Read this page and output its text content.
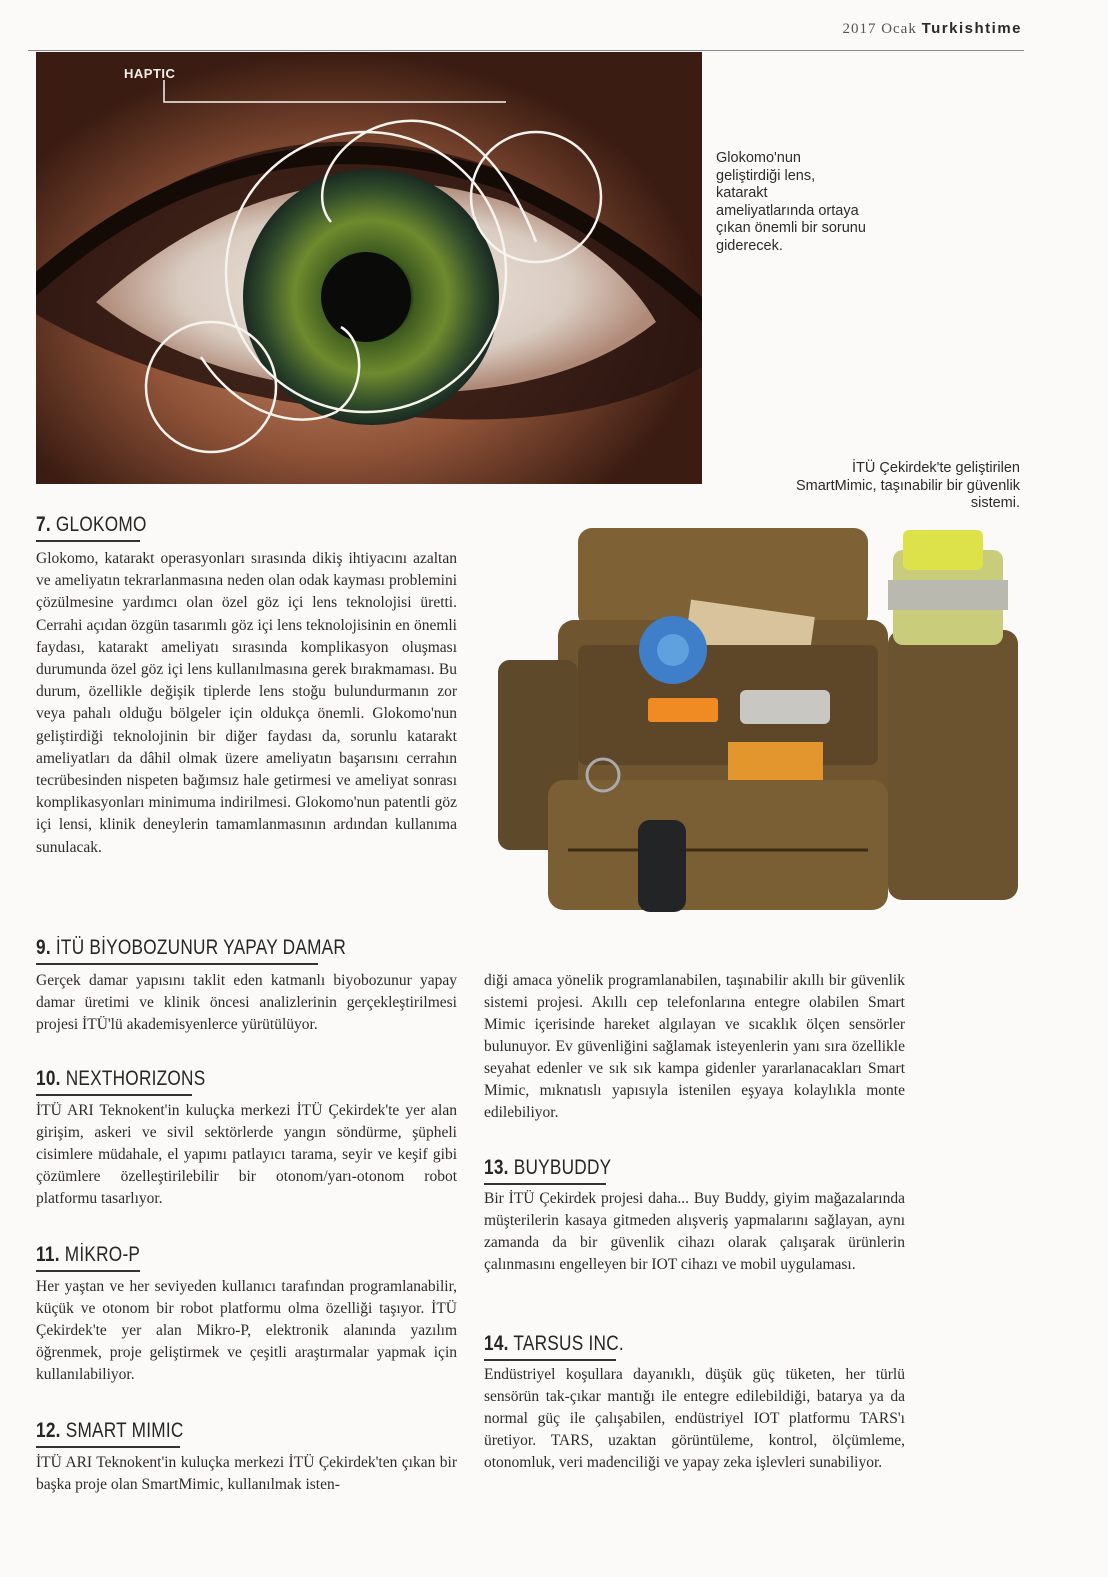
2017 Ocak Turkishtime
HAPTIC
Glokomo'nun geliştirdiği lens, katarakt ameliyatlarında ortaya çıkan önemli bir sorunu giderecek.
İTÜ Çekirdek'te geliştirilen SmartMimic, taşınabilir bir güvenlik sistemi.
7. GLOKOMO

Glokomo, katarakt operasyonları sırasında dikiş ihtiyacını azaltan ve ameliyatın tekrarlanmasına neden olan odak kayması problemini çözülmesine yardımcı olan özel göz içi lens teknolojisi üretti. Cerrahi açıdan özgün tasarımlı göz içi lens teknolojisinin en önemli faydası, katarakt ameliyatı sırasında komplikasyon oluşması durumunda özel göz içi lens kullanılmasına gerek bırakmaması. Bu durum, özellikle değişik tiplerde lens stoğu bulundurmanın zor veya pahalı olduğu bölgeler için oldukça önemli. Glokomo'nun geliştirdiği teknolojinin bir diğer faydası da, sorunlu katarakt ameliyatları da dâhil olmak üzere ameliyatın başarısını cerrahın tecrübesinden nispeten bağımsız hale getirmesi ve ameliyat sonrası komplikasyonları minimuma indirilmesi. Glokomo'nun patentli göz içi lensi, klinik deneylerin tamamlanmasının ardından kullanıma sunulacak.

9. İTÜ BİYOBOZUNUR YAPAY DAMAR

Gerçek damar yapısını taklit eden katmanlı biyobozunur yapay damar üretimi ve klinik öncesi analizlerinin gerçekleştirilmesi projesi İTÜ'lü akademisyenlerce yürütülüyor.

10. NEXTHORIZONS

İTÜ ARI Teknokent'in kuluçka merkezi İTÜ Çekirdek'te yer alan girişim, askeri ve sivil sektörlerde yangın söndürme, şüpheli cisimlere müdahale, el yapımı patlayıcı tarama, seyir ve keşif gibi çözümlere özelleştirilebilir bir otonom/yarı-otonom robot platformu tasarlıyor.

11. MİKRO-P

Her yaştan ve her seviyeden kullanıcı tarafından programlanabilir, küçük ve otonom bir robot platformu olma özelliği taşıyor. İTÜ Çekirdek'te yer alan Mikro-P, elektronik alanında yazılım öğrenmek, proje geliştirmek ve çeşitli araştırmalar yapmak için kullanılabiliyor.

12. SMART MIMIC

İTÜ ARI Teknokent'in kuluçka merkezi İTÜ Çekirdek'ten çıkan bir başka proje olan SmartMimic, kullanılmak isten-

diği amaca yönelik programlanabilen, taşınabilir akıllı bir güvenlik sistemi projesi. Akıllı cep telefonlarına entegre olabilen Smart Mimic içerisinde hareket algılayan ve sıcaklık ölçen sensörler bulunuyor. Ev güvenliğini sağlamak isteyenlerin yanı sıra özellikle seyahat edenler ve sık sık kampa gidenler yararlanacakları Smart Mimic, mıknatıslı yapısıyla istenilen eşyaya kolaylıkla monte edilebiliyor.

13. BUYBUDDY

Bir İTÜ Çekirdek projesi daha... Buy Buddy, giyim mağazalarında müşterilerin kasaya gitmeden alışveriş yapmalarını sağlayan, aynı zamanda da bir güvenlik cihazı olarak çalışarak ürünlerin çalınmasını engelleyen bir IOT cihazı ve mobil uygulaması.

14. TARSUS INC.

Endüstriyel koşullara dayanıklı, düşük güç tüketen, her türlü sensörün tak-çıkar mantığı ile entegre edilebildiği, batarya ya da normal güç ile çalışabilen, endüstriyel IOT platformu TARS'ı üretiyor. TARS, uzaktan görüntüleme, kontrol, ölçümleme, otonomluk, veri madenciliği ve yapay zeka işlevleri sunabiliyor.
